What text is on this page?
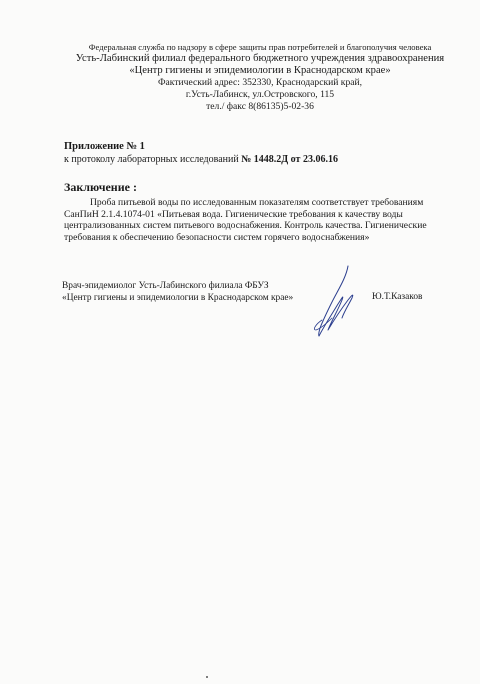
Федеральная служба по надзору в сфере защиты прав потребителей и благополучия человека
Усть-Лабинский филиал федерального бюджетного учреждения здравоохранения
«Центр гигиены и эпидемиологии в Краснодарском крае»
Фактический адрес: 352330, Краснодарский край,
г.Усть-Лабинск, ул.Островского, 115
тел./ факс 8(86135)5-02-36
Приложение № 1
к протоколу лабораторных исследований № 1448.2Д от 23.06.16
Заключение :

Проба питьевой воды по исследованным показателям соответствует требованиям СанПиН 2.1.4.1074-01 «Питьевая вода. Гигиенические требования к качеству воды централизованных систем питьевого водоснабжения. Контроль качества. Гигиенические требования к обеспечению безопасности систем горячего водоснабжения»

Врач-эпидемиолог Усть-Лабинского филиала ФБУЗ
«Центр гигиены и эпидемиологии в Краснодарском крае»	Ю.Т.Казаков
